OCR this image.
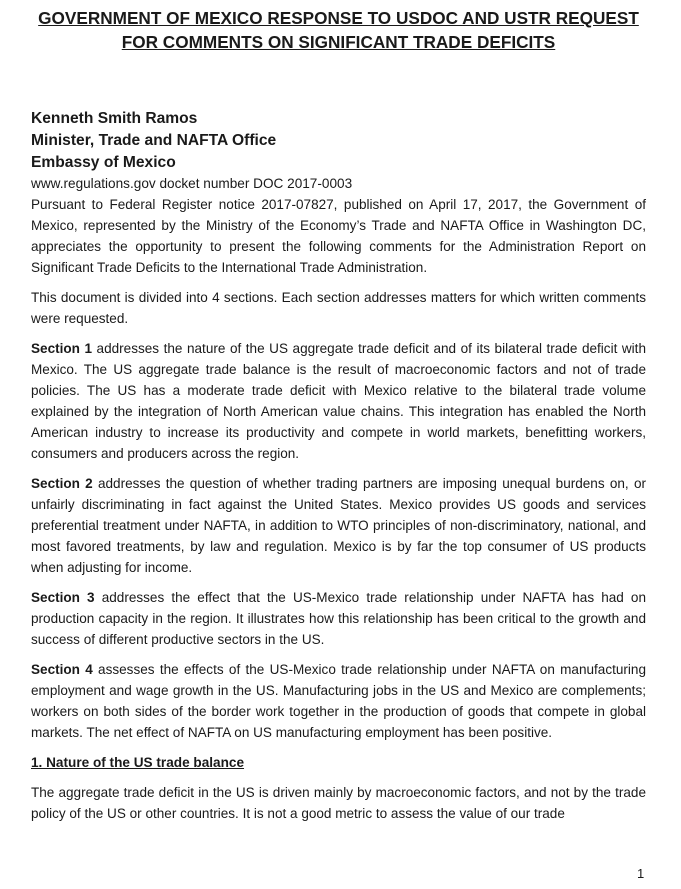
GOVERNMENT OF MEXICO RESPONSE TO USDOC AND USTR REQUEST
FOR COMMENTS ON SIGNIFICANT TRADE DEFICITS

Kenneth Smith Ramos

Minister, Trade and NAFTA Office

Embassy of Mexico

www.regulations.gov docket number DOC 2017-0003

Pursuant to Federal Register notice 2017-07827, published on April 17, 2017, the Government of Mexico, represented by the Ministry of the Economy’s Trade and NAFTA Office in Washington DC, appreciates the opportunity to present the following comments for the Administration Report on Significant Trade Deficits to the International Trade Administration.

This document is divided into 4 sections. Each section addresses matters for which written comments were requested.

Section 1 addresses the nature of the US aggregate trade deficit and of its bilateral trade deficit with Mexico. The US aggregate trade balance is the result of macroeconomic factors and not of trade policies. The US has a moderate trade deficit with Mexico relative to the bilateral trade volume explained by the integration of North American value chains. This integration has enabled the North American industry to increase its productivity and compete in world markets, benefitting workers, consumers and producers across the region.

Section 2 addresses the question of whether trading partners are imposing unequal burdens on, or unfairly discriminating in fact against the United States. Mexico provides US goods and services preferential treatment under NAFTA, in addition to WTO principles of non-discriminatory, national, and most favored treatments, by law and regulation. Mexico is by far the top consumer of US products when adjusting for income.

Section 3 addresses the effect that the US-Mexico trade relationship under NAFTA has had on production capacity in the region. It illustrates how this relationship has been critical to the growth and success of different productive sectors in the US.

Section 4 assesses the effects of the US-Mexico trade relationship under NAFTA on manufacturing employment and wage growth in the US. Manufacturing jobs in the US and Mexico are complements; workers on both sides of the border work together in the production of goods that compete in global markets. The net effect of NAFTA on US manufacturing employment has been positive.

1. Nature of the US trade balance

The aggregate trade deficit in the US is driven mainly by macroeconomic factors, and not by the trade policy of the US or other countries. It is not a good metric to assess the value of our trade

1
